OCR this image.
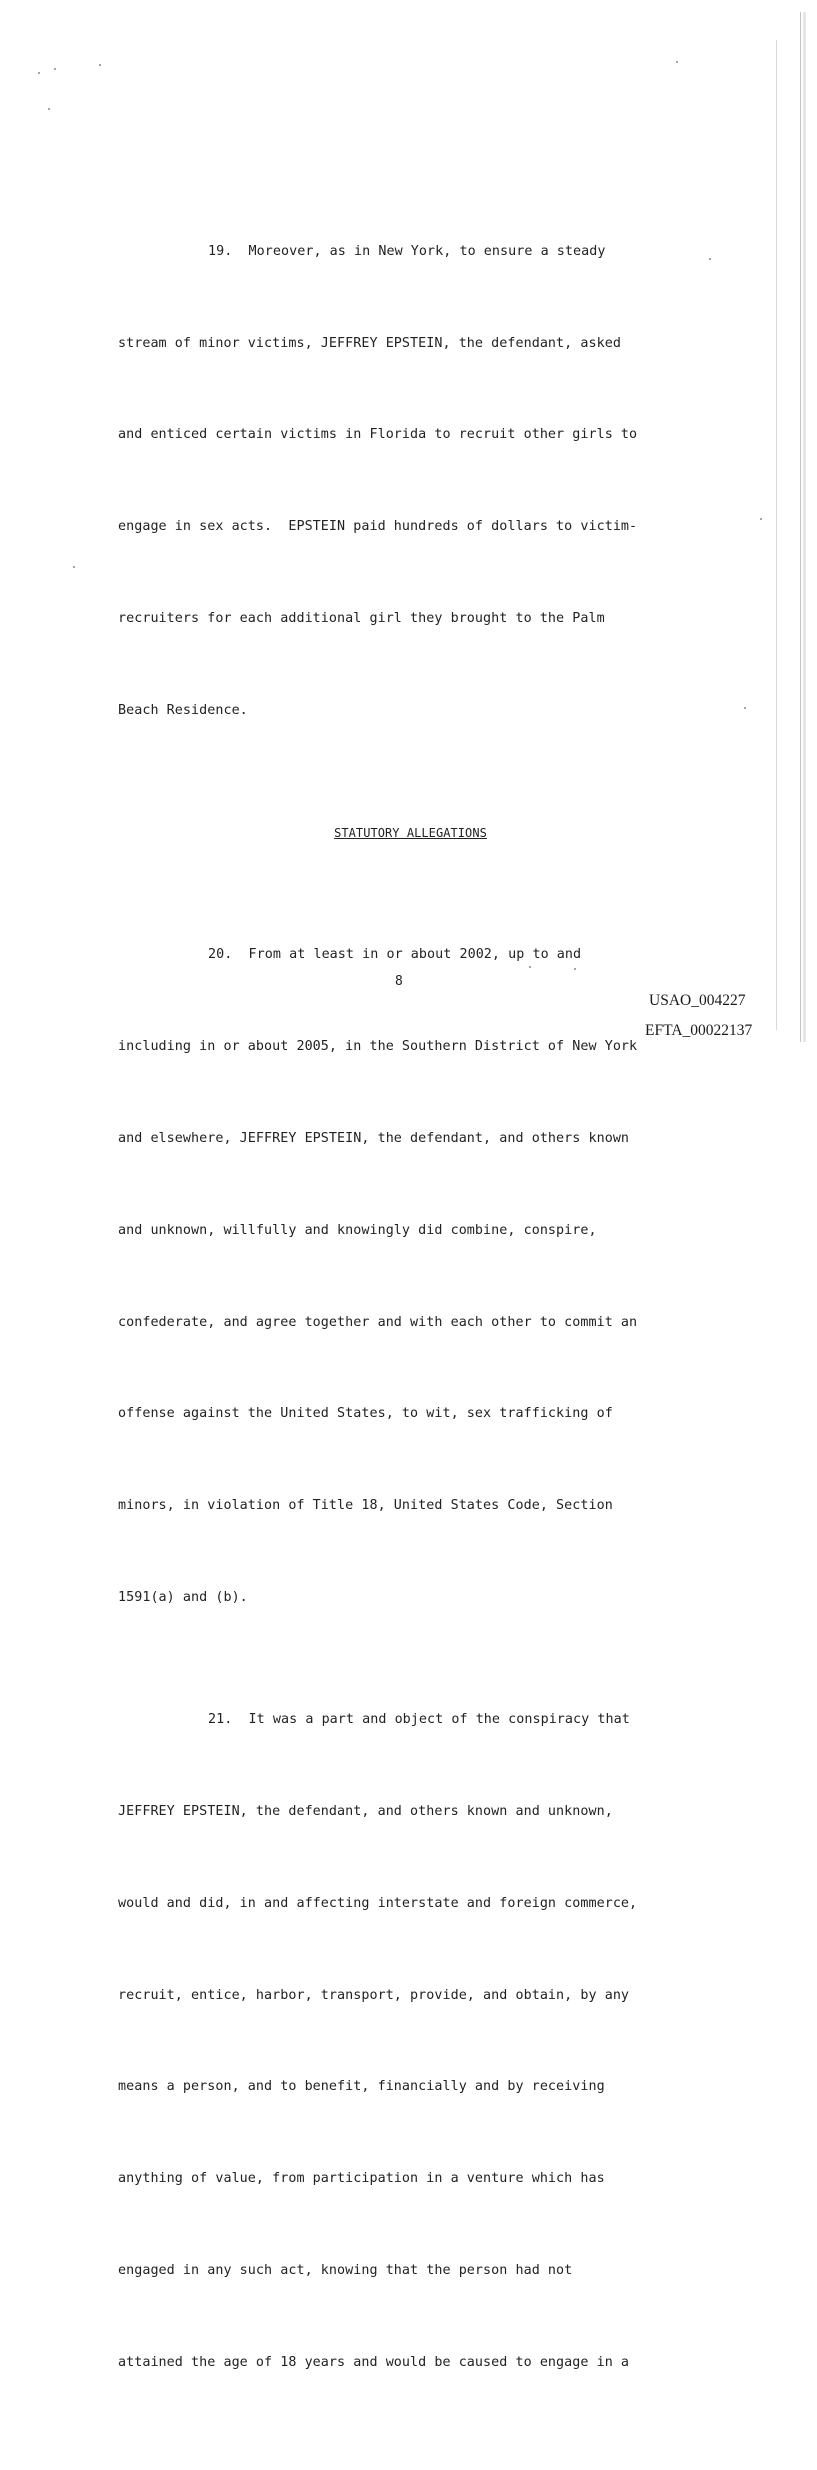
19.  Moreover, as in New York, to ensure a steady

stream of minor victims, JEFFREY EPSTEIN, the defendant, asked

and enticed certain victims in Florida to recruit other girls to

engage in sex acts.  EPSTEIN paid hundreds of dollars to victim-

recruiters for each additional girl they brought to the Palm

Beach Residence.

STATUTORY ALLEGATIONS

20.  From at least in or about 2002, up to and

including in or about 2005, in the Southern District of New York

and elsewhere, JEFFREY EPSTEIN, the defendant, and others known

and unknown, willfully and knowingly did combine, conspire,

confederate, and agree together and with each other to commit an

offense against the United States, to wit, sex trafficking of

minors, in violation of Title 18, United States Code, Section

1591(a) and (b).

21.  It was a part and object of the conspiracy that

JEFFREY EPSTEIN, the defendant, and others known and unknown,

would and did, in and affecting interstate and foreign commerce,

recruit, entice, harbor, transport, provide, and obtain, by any

means a person, and to benefit, financially and by receiving

anything of value, from participation in a venture which has

engaged in any such act, knowing that the person had not

attained the age of 18 years and would be caused to engage in a

8
USAO_004227
EFTA_00022137
